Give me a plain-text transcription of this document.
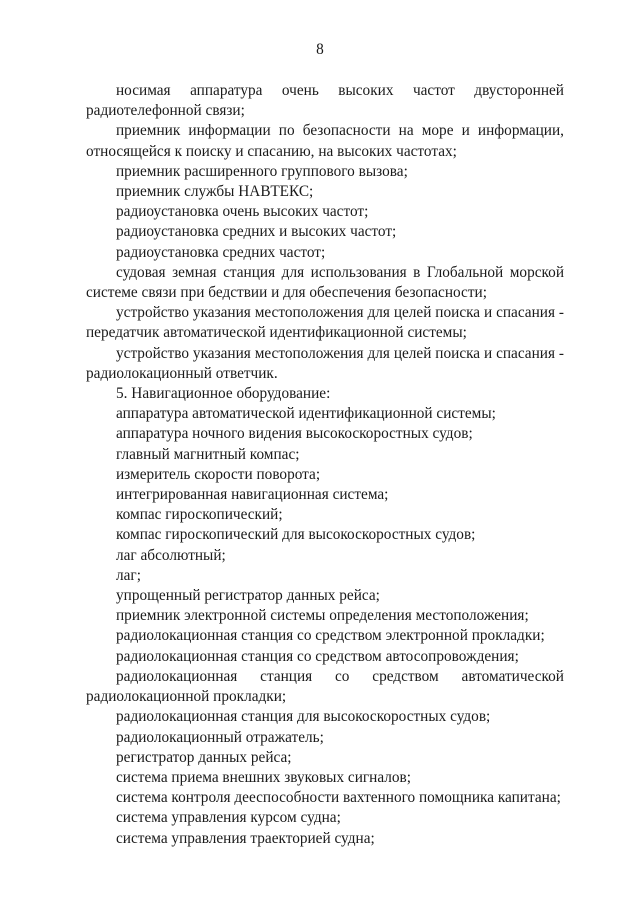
8

носимая аппаратура очень высоких частот двусторонней радиотелефонной связи;

приемник информации по безопасности на море и информации, относящейся к поиску и спасанию, на высоких частотах;

приемник расширенного группового вызова;

приемник службы НАВТЕКС;

радиоустановка очень высоких частот;

радиоустановка средних и высоких частот;

радиоустановка средних частот;

судовая земная станция для использования в Глобальной морской системе связи при бедствии и для обеспечения безопасности;

устройство указания местоположения для целей поиска и спасания - передатчик автоматической идентификационной системы;

устройство указания местоположения для целей поиска и спасания - радиолокационный ответчик.

5. Навигационное оборудование:

аппаратура автоматической идентификационной системы;

аппаратура ночного видения высокоскоростных судов;

главный магнитный компас;

измеритель скорости поворота;

интегрированная навигационная система;

компас гироскопический;

компас гироскопический для высокоскоростных судов;

лаг абсолютный;

лаг;

упрощенный регистратор данных рейса;

приемник электронной системы определения местоположения;

радиолокационная станция со средством электронной прокладки;

радиолокационная станция со средством автосопровождения;

радиолокационная станция со средством автоматической радиолокационной прокладки;

радиолокационная станция для высокоскоростных судов;

радиолокационный отражатель;

регистратор данных рейса;

система приема внешних звуковых сигналов;

система контроля дееспособности вахтенного помощника капитана;

система управления курсом судна;

система управления траекторией судна;
